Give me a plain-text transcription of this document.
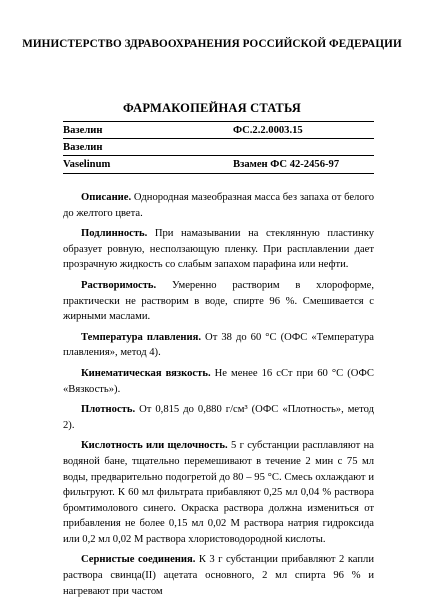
МИНИСТЕРСТВО ЗДРАВООХРАНЕНИЯ РОССИЙСКОЙ ФЕДЕРАЦИИ
ФАРМАКОПЕЙНАЯ СТАТЬЯ
Вазелин	ФС.2.2.0003.15
Вазелин
Vaselinum	Взамен ФС 42-2456-97

Описание. Однородная мазеобразная масса без запаха от белого до желтого цвета.

Подлинность. При намазывании на стеклянную пластинку образует ровную, несползающую пленку. При расплавлении дает прозрачную жидкость со слабым запахом парафина или нефти.

Растворимость. Умеренно растворим в хлороформе, практически не растворим в воде, спирте 96 %. Смешивается с жирными маслами.

Температура плавления. От 38 до 60 °С (ОФС «Температура плавления», метод 4).

Кинематическая вязкость. Не менее 16 сСт при 60 °С (ОФС «Вязкость»).

Плотность. От 0,815 до 0,880 г/см³ (ОФС «Плотность», метод 2).

Кислотность или щелочность. 5 г субстанции расплавляют на водяной бане, тщательно перемешивают в течение 2 мин с 75 мл воды, предварительно подогретой до 80 – 95 °С. Смесь охлаждают и фильтруют. К 60 мл фильтрата прибавляют 0,25 мл 0,04 % раствора бромтимолового синего. Окраска раствора должна измениться от прибавления не более 0,15 мл 0,02 М раствора натрия гидроксида или 0,2 мл 0,02 М раствора хлористоводородной кислоты.

Сернистые соединения. К 3 г субстанции прибавляют 2 капли раствора свинца(II) ацетата основного, 2 мл спирта 96 % и нагревают при частом
